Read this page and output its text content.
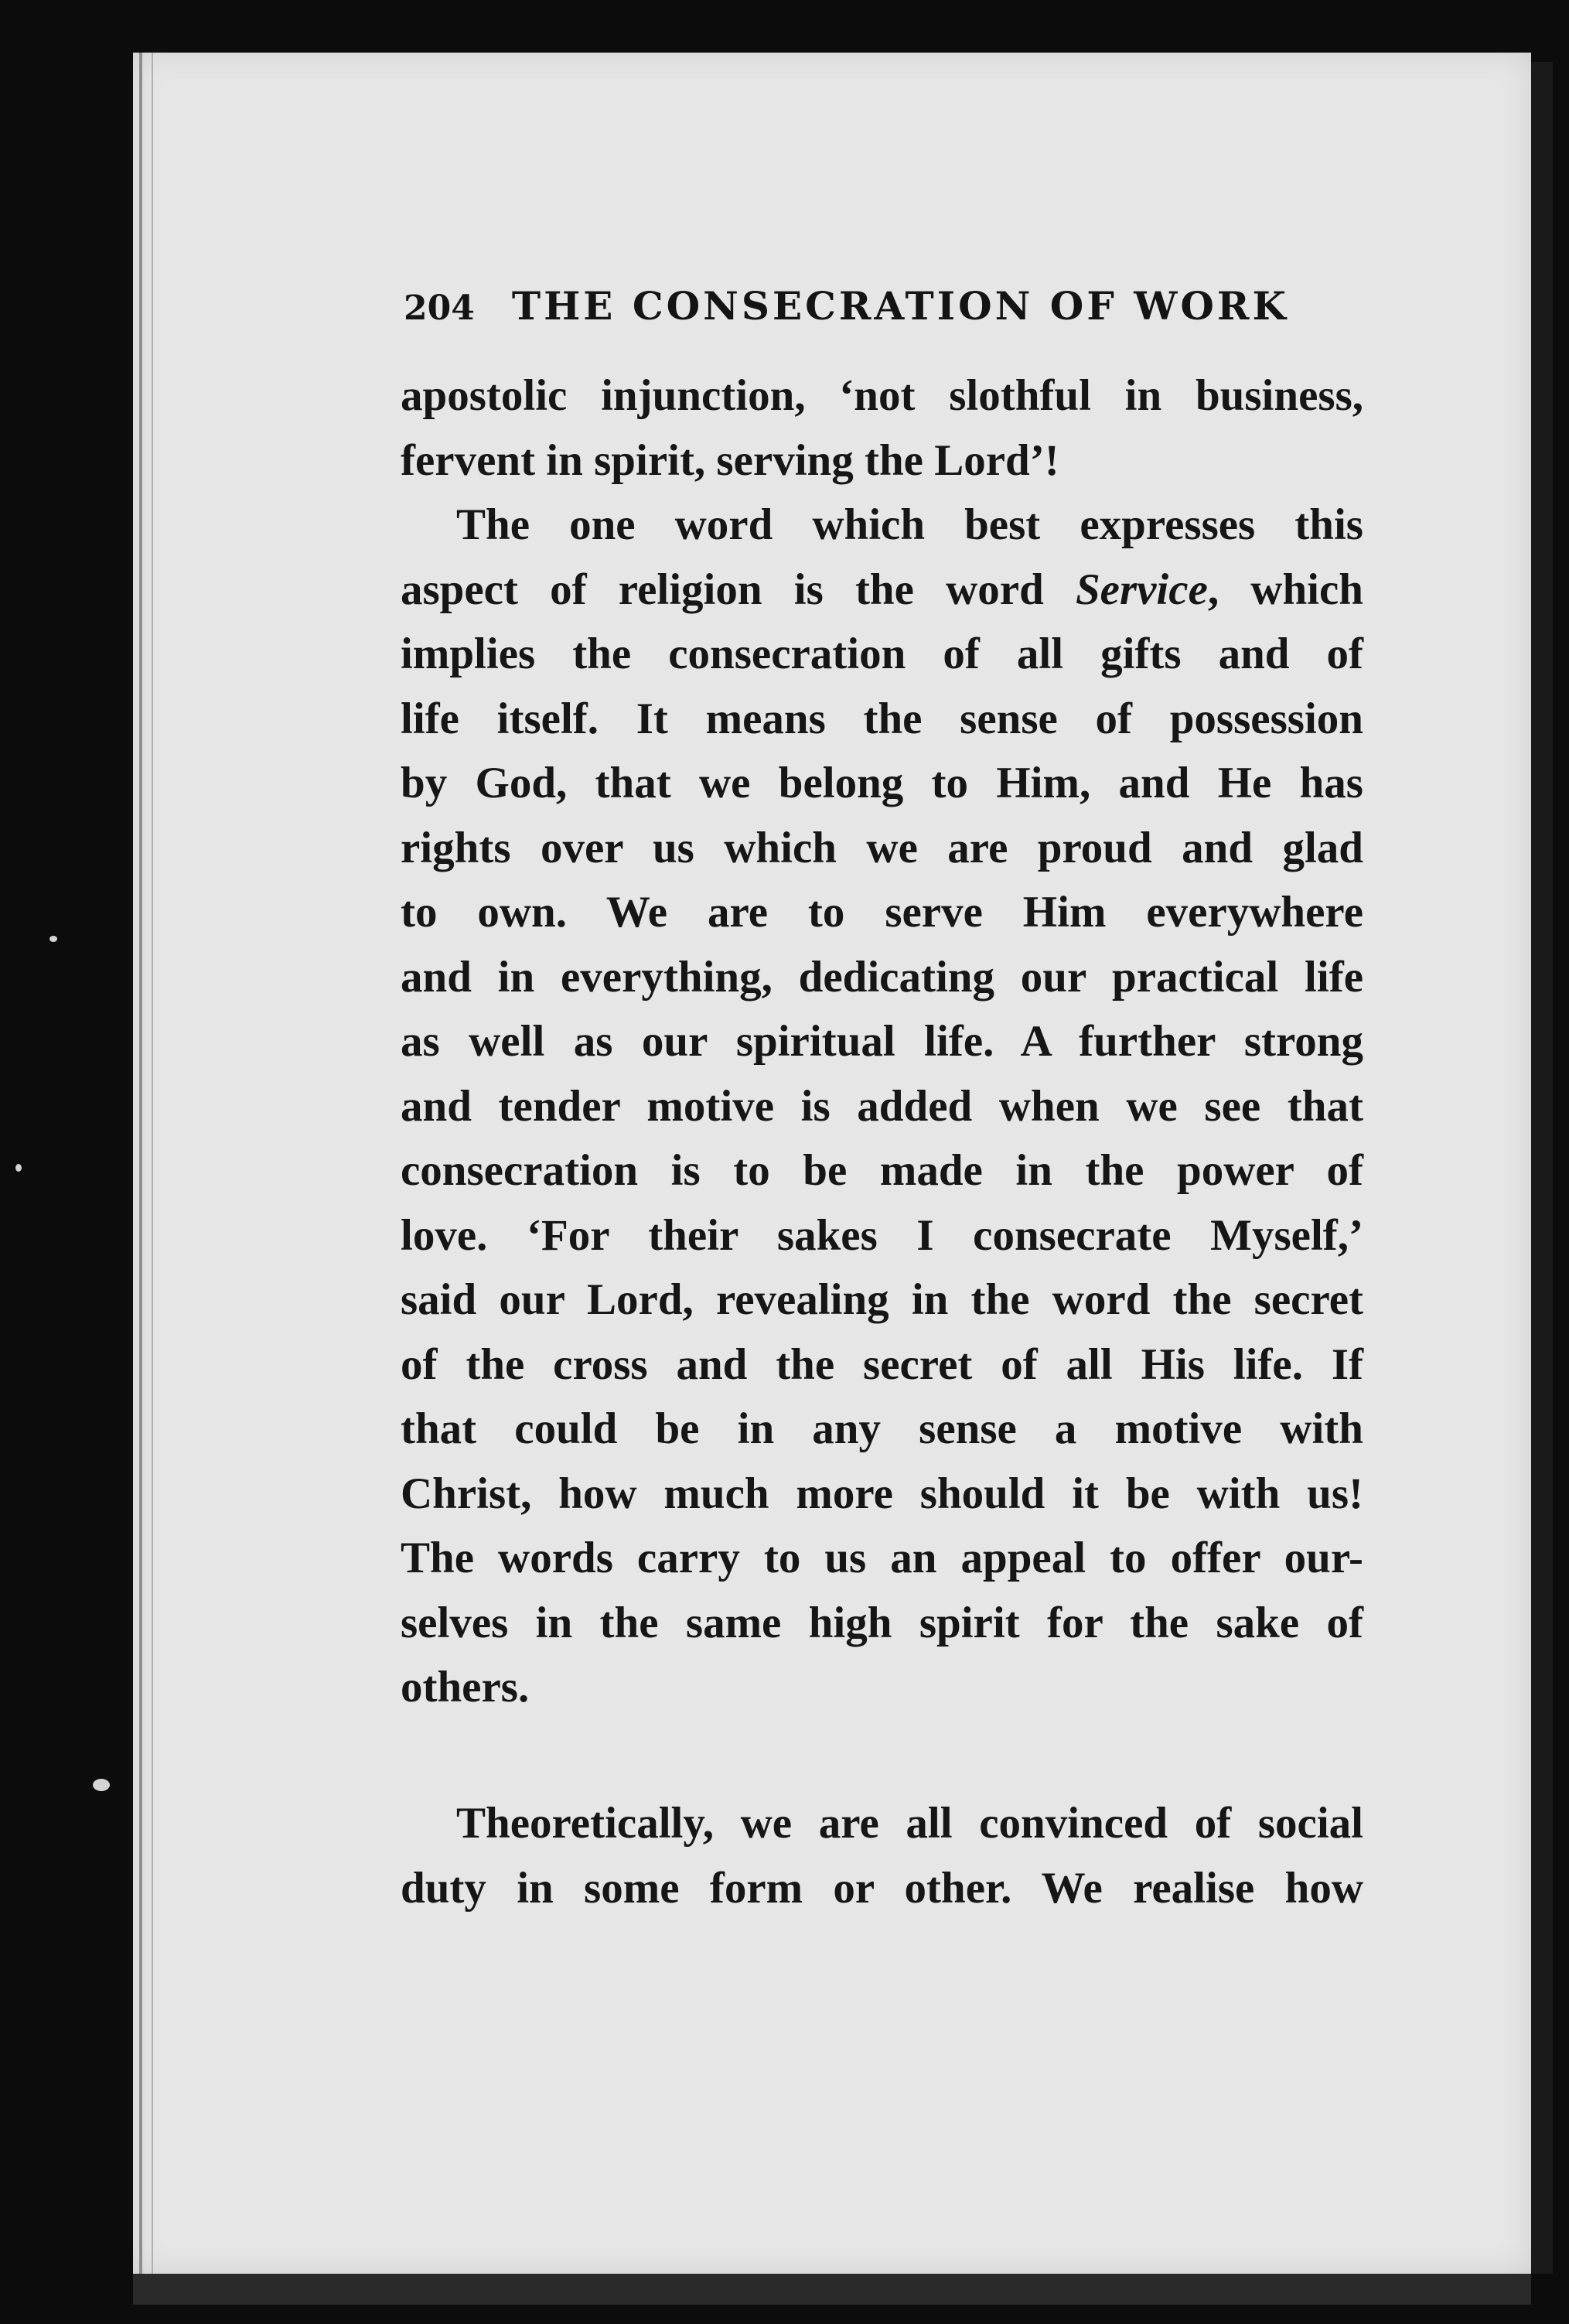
204 THE CONSECRATION OF WORK
apostolic injunction, ‘not slothful in business,
fervent in spirit, serving the Lord’!
The one word which best expresses this
aspect of religion is the word Service, which
implies the consecration of all gifts and of
life itself. It means the sense of possession
by God, that we belong to Him, and He has
rights over us which we are proud and glad
to own. We are to serve Him everywhere
and in everything, dedicating our practical life
as well as our spiritual life. A further strong
and tender motive is added when we see that
consecration is to be made in the power of
love. ‘For their sakes I consecrate Myself,’
said our Lord, revealing in the word the secret
of the cross and the secret of all His life. If
that could be in any sense a motive with
Christ, how much more should it be with us!
The words carry to us an appeal to offer our-
selves in the same high spirit for the sake of
others.
Theoretically, we are all convinced of social
duty in some form or other. We realise how
